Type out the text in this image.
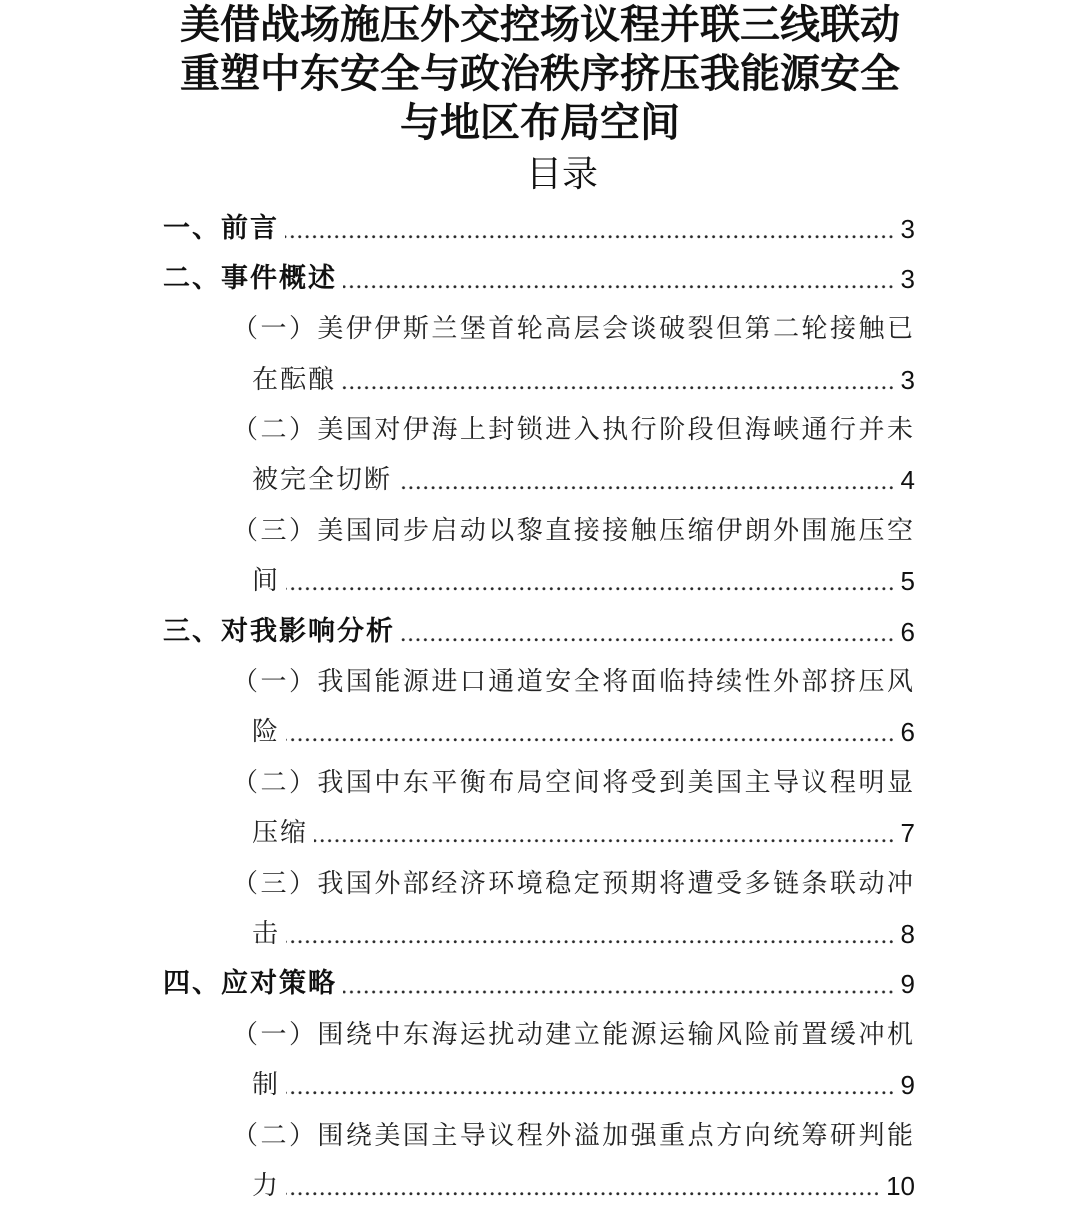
美借战场施压外交控场议程并联三线联动重塑中东安全与政治秩序挤压我能源安全与地区布局空间
目录
一、前言	3
二、事件概述	3
（一）美伊伊斯兰堡首轮高层会谈破裂但第二轮接触已在酝酿	3
（二）美国对伊海上封锁进入执行阶段但海峡通行并未被完全切断	4
（三）美国同步启动以黎直接接触压缩伊朗外围施压空间	5
三、对我影响分析	6
（一）我国能源进口通道安全将面临持续性外部挤压风险	6
（二）我国中东平衡布局空间将受到美国主导议程明显压缩	7
（三）我国外部经济环境稳定预期将遭受多链条联动冲击	8
四、应对策略	9
（一）围绕中东海运扰动建立能源运输风险前置缓冲机制	9
（二）围绕美国主导议程外溢加强重点方向统筹研判能力	10
